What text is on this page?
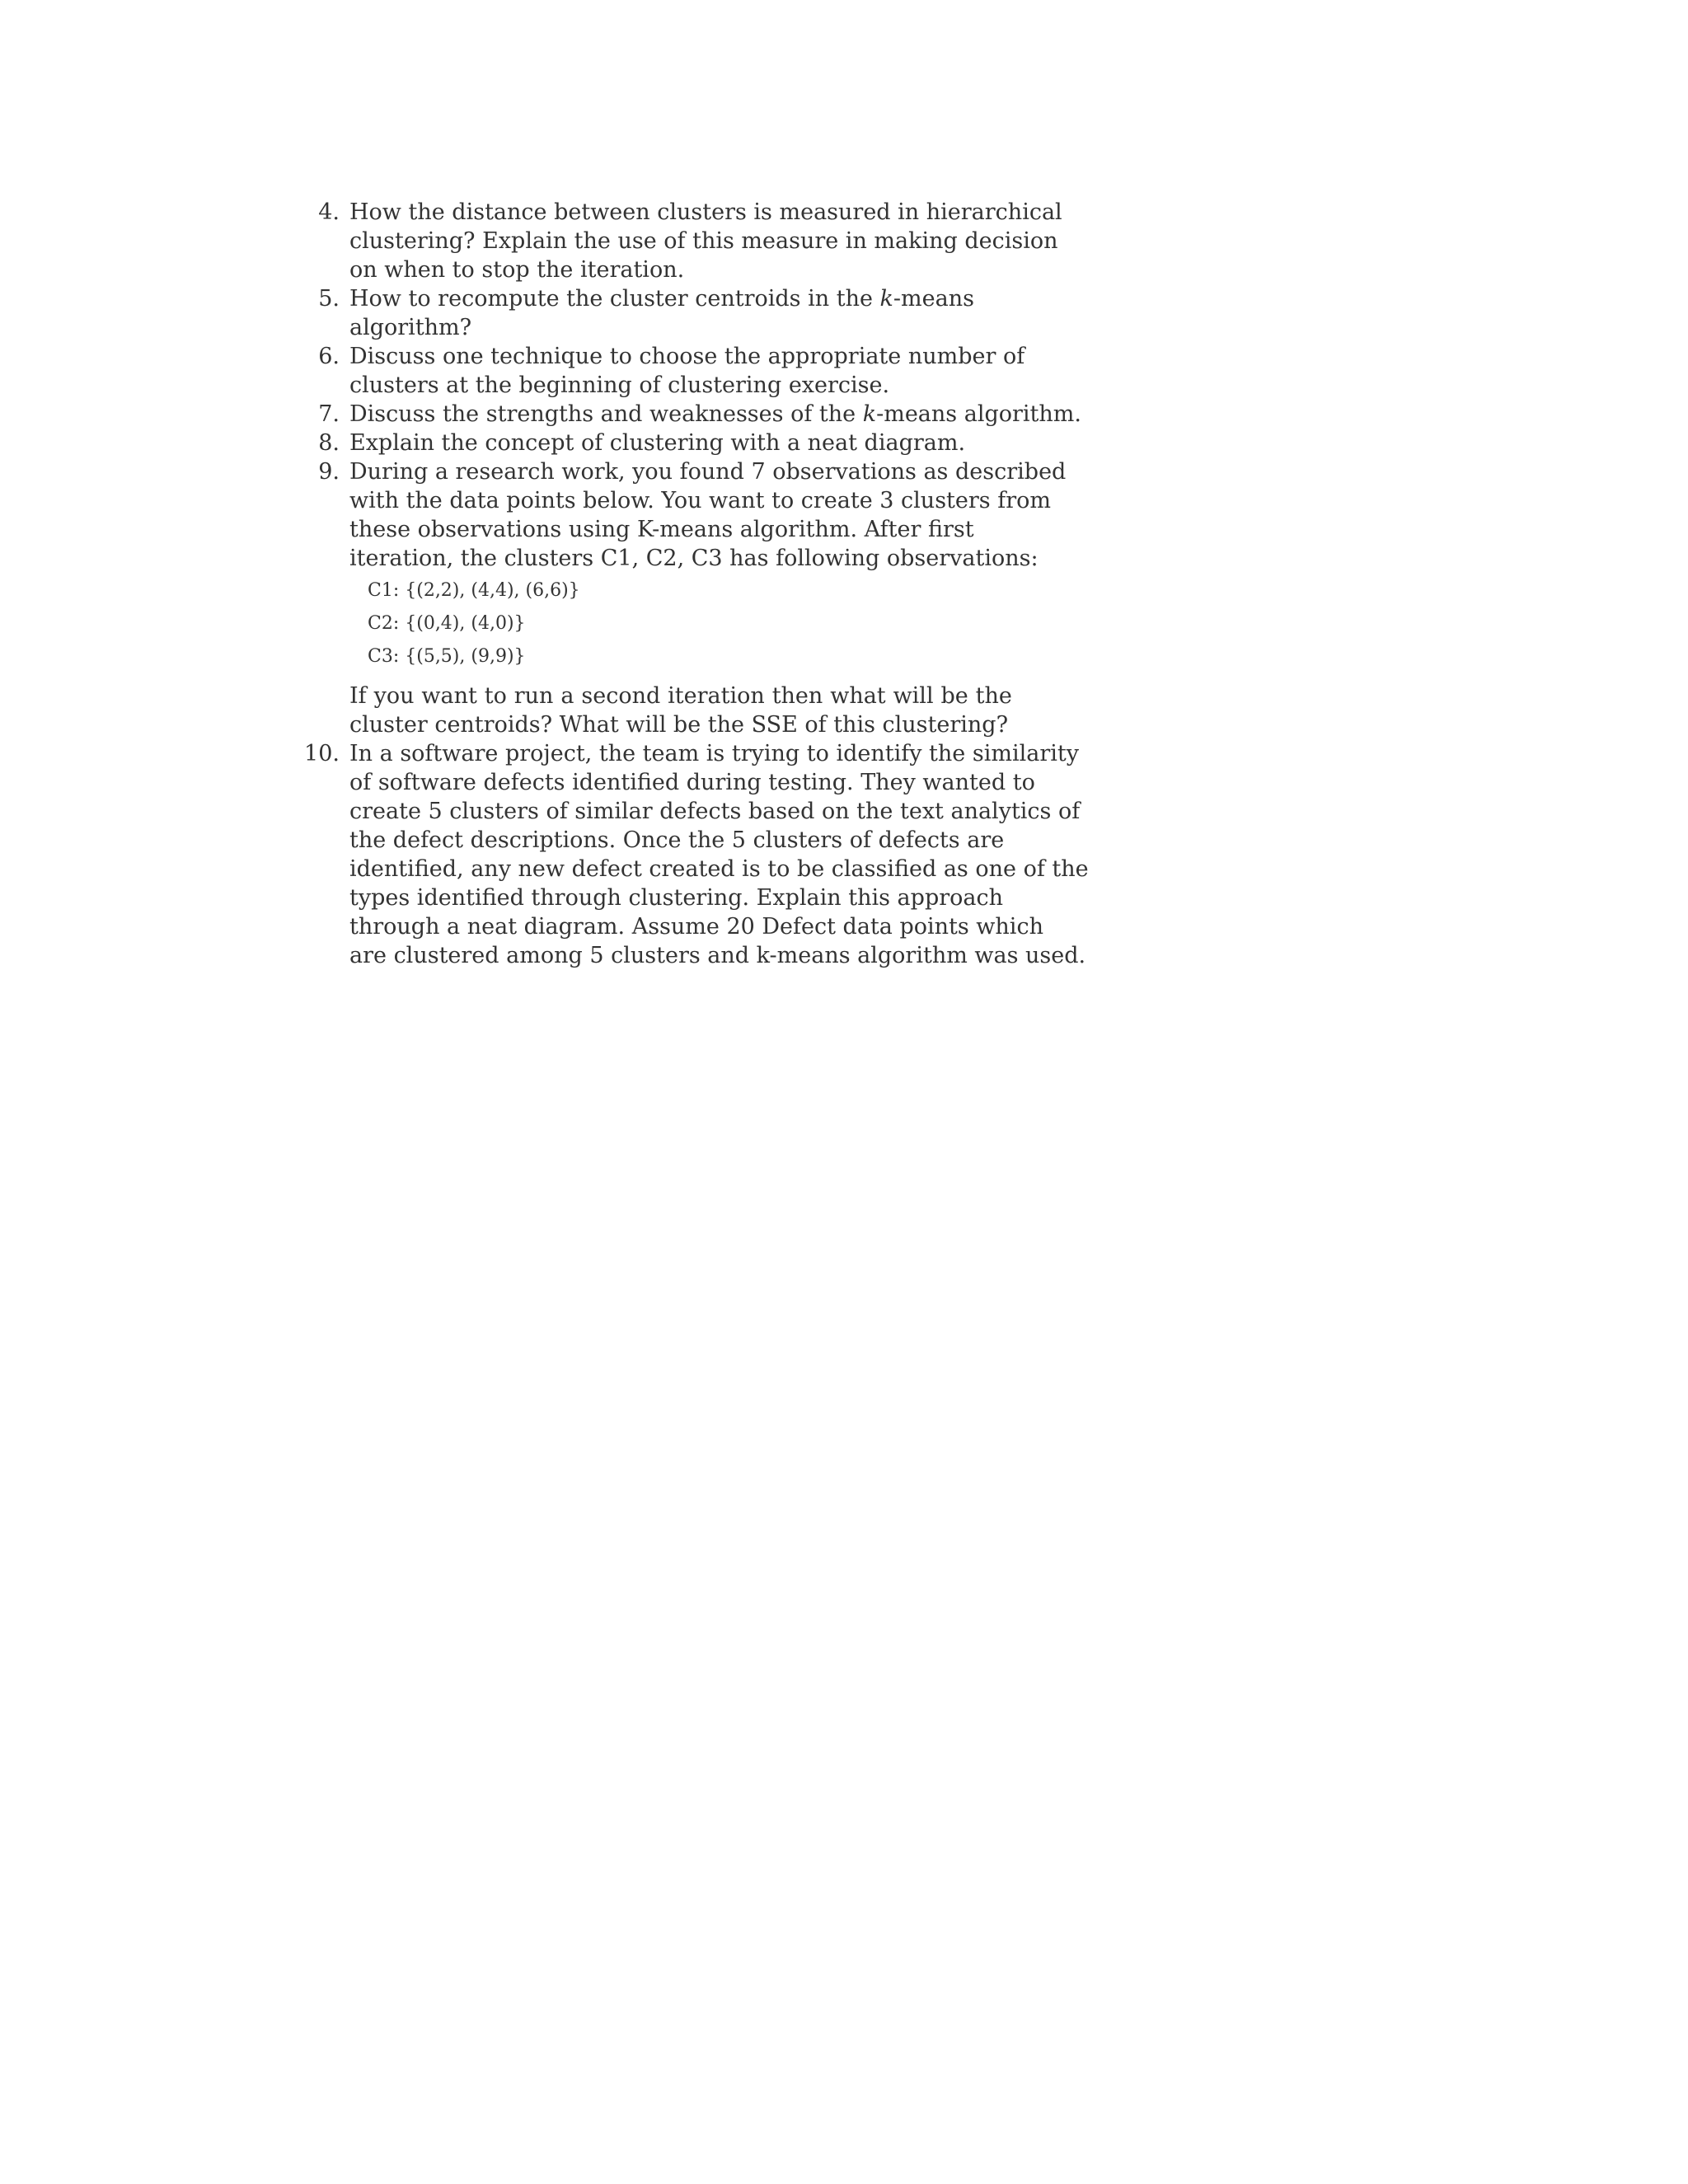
4. How the distance between clusters is measured in hierarchical
clustering? Explain the use of this measure in making decision
on when to stop the iteration.
5. How to recompute the cluster centroids in the k-means
algorithm?
6. Discuss one technique to choose the appropriate number of
clusters at the beginning of clustering exercise.
7. Discuss the strengths and weaknesses of the k-means algorithm.
8. Explain the concept of clustering with a neat diagram.
9. During a research work, you found 7 observations as described
with the data points below. You want to create 3 clusters from
these observations using K-means algorithm. After first
iteration, the clusters C1, C2, C3 has following observations:
C1: {(2,2), (4,4), (6,6)}
C2: {(0,4), (4,0)}
C3: {(5,5), (9,9)}
If you want to run a second iteration then what will be the
cluster centroids? What will be the SSE of this clustering?
10. In a software project, the team is trying to identify the similarity
of software defects identified during testing. They wanted to
create 5 clusters of similar defects based on the text analytics of
the defect descriptions. Once the 5 clusters of defects are
identified, any new defect created is to be classified as one of the
types identified through clustering. Explain this approach
through a neat diagram. Assume 20 Defect data points which
are clustered among 5 clusters and k-means algorithm was used.
